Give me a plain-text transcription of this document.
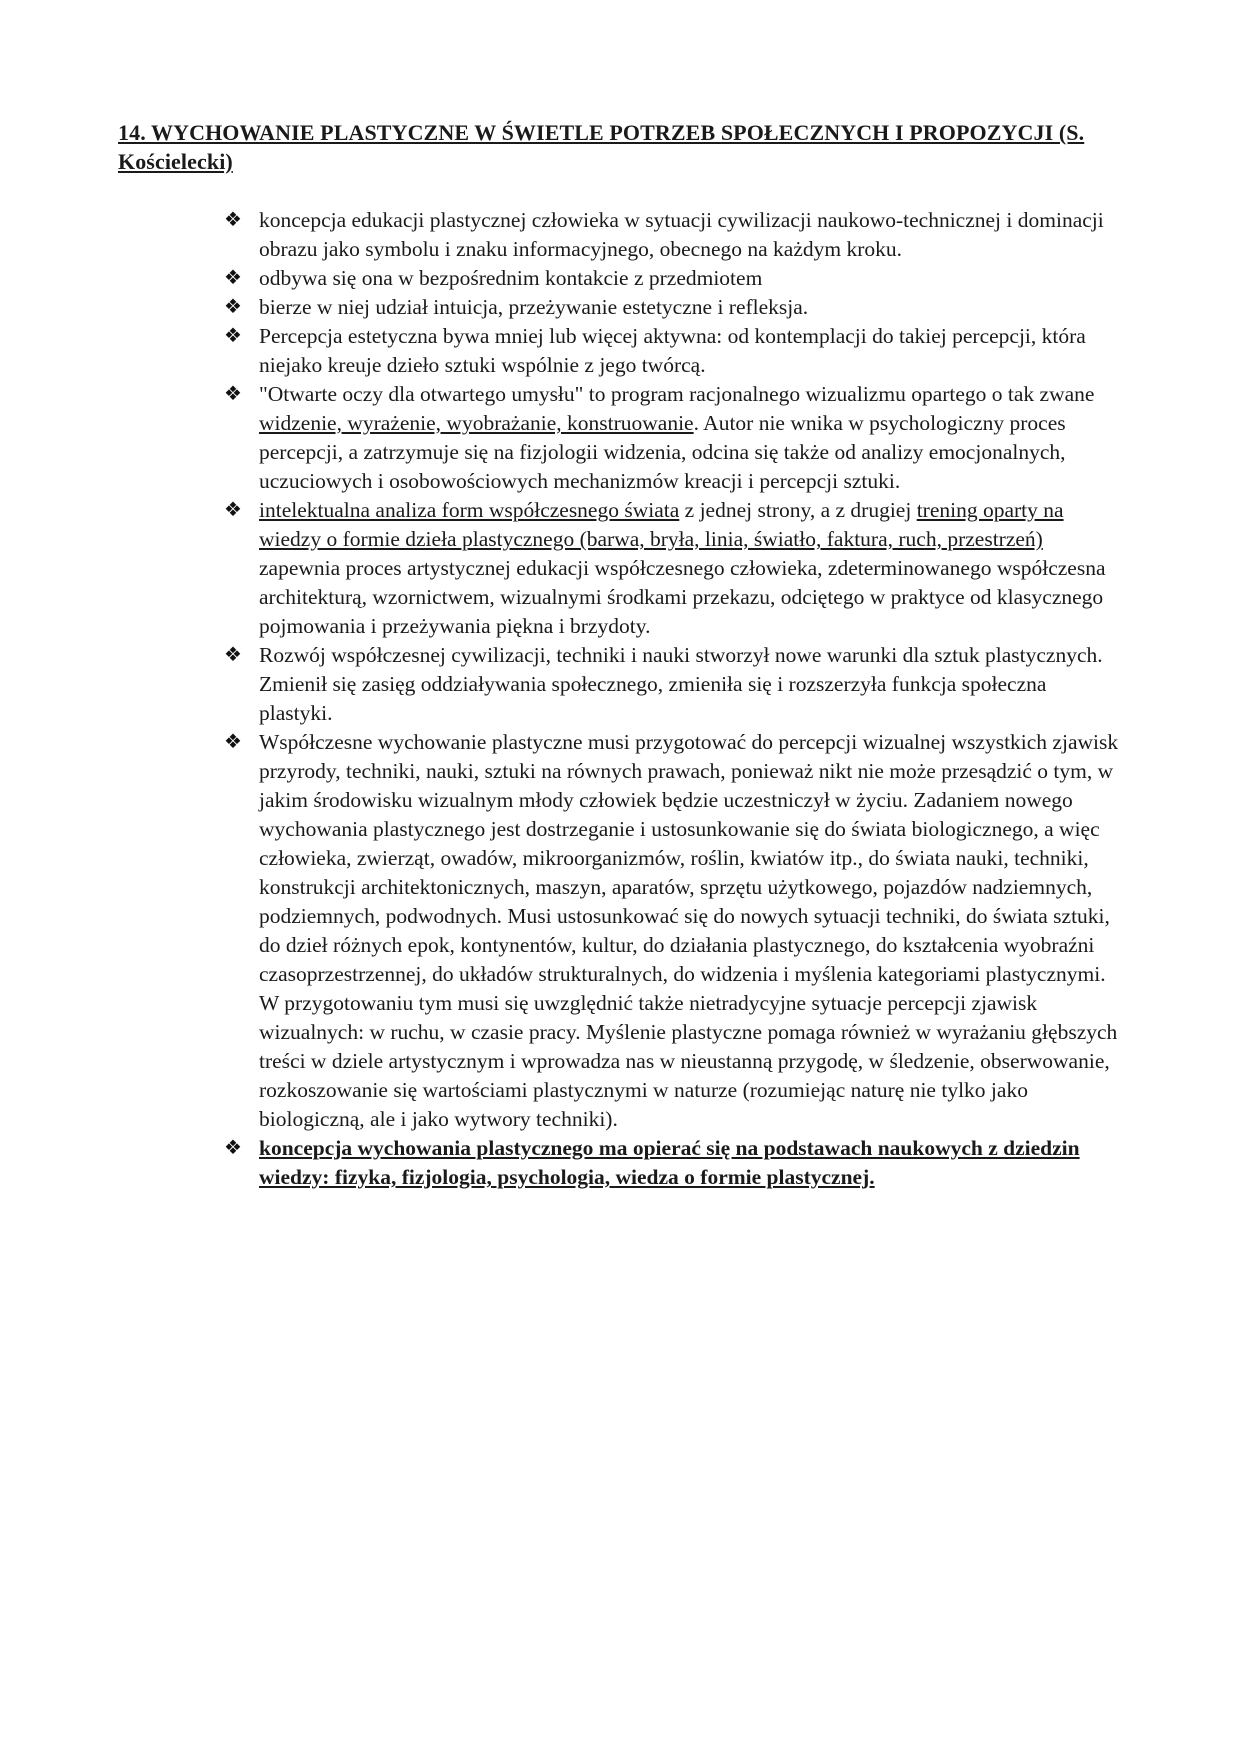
14. WYCHOWANIE PLASTYCZNE W ŚWIETLE POTRZEB SPOŁECZNYCH I PROPOZYCJI (S. Kościelecki)
❖ koncepcja edukacji plastycznej człowieka w sytuacji cywilizacji naukowo-technicznej i dominacji obrazu jako symbolu i znaku informacyjnego, obecnego na każdym kroku.
❖ odbywa się ona w bezpośrednim kontakcie z przedmiotem
❖ bierze w niej udział intuicja, przeżywanie estetyczne i refleksja.
❖ Percepcja estetyczna bywa mniej lub więcej aktywna: od kontemplacji do takiej percepcji, która niejako kreuje dzieło sztuki wspólnie z jego twórcą.
❖ "Otwarte oczy dla otwartego umysłu" to program racjonalnego wizualizmu opartego o tak zwane widzenie, wyrażenie, wyobrażanie, konstruowanie. Autor nie wnika w psychologiczny proces percepcji, a zatrzymuje się na fizjologii widzenia, odcina się także od analizy emocjonalnych, uczuciowych i osobowościowych mechanizmów kreacji i percepcji sztuki.
❖ intelektualna analiza form współczesnego świata z jednej strony, a z drugiej trening oparty na wiedzy o formie dzieła plastycznego (barwa, bryła, linia, światło, faktura, ruch, przestrzeń) zapewnia proces artystycznej edukacji współczesnego człowieka, zdeterminowanego współczesna architekturą, wzornictwem, wizualnymi środkami przekazu, odciętego w praktyce od klasycznego pojmowania i przeżywania piękna i brzydoty.
❖ Rozwój współczesnej cywilizacji, techniki i nauki stworzył nowe warunki dla sztuk plastycznych. Zmienił się zasięg oddziaływania społecznego, zmieniła się i rozszerzyła funkcja społeczna plastyki.
❖ Współczesne wychowanie plastyczne musi przygotować do percepcji wizualnej wszystkich zjawisk przyrody, techniki, nauki, sztuki na równych prawach, ponieważ nikt nie może przesądzić o tym, w jakim środowisku wizualnym młody człowiek będzie uczestniczył w życiu. Zadaniem nowego wychowania plastycznego jest dostrzeganie i ustosunkowanie się do świata biologicznego, a więc człowieka, zwierząt, owadów, mikroorganizmów, roślin, kwiatów itp., do świata nauki, techniki, konstrukcji architektonicznych, maszyn, aparatów, sprzętu użytkowego, pojazdów nadziemnych, podziemnych, podwodnych. Musi ustosunkować się do nowych sytuacji techniki, do świata sztuki, do dzieł różnych epok, kontynentów, kultur, do działania plastycznego, do kształcenia wyobraźni czasoprzestrzennej, do układów strukturalnych, do widzenia i myślenia kategoriami plastycznymi. W przygotowaniu tym musi się uwzględnić także nietradycyjne sytuacje percepcji zjawisk wizualnych: w ruchu, w czasie pracy. Myślenie plastyczne pomaga również w wyrażaniu głębszych treści w dziele artystycznym i wprowadza nas w nieustanną przygodę, w śledzenie, obserwowanie, rozkoszowanie się wartościami plastycznymi w naturze (rozumiejąc naturę nie tylko jako biologiczną, ale i jako wytwory techniki).
❖ koncepcja wychowania plastycznego ma opierać się na podstawach naukowych z dziedzin wiedzy: fizyka, fizjologia, psychologia, wiedza o formie plastycznej.
